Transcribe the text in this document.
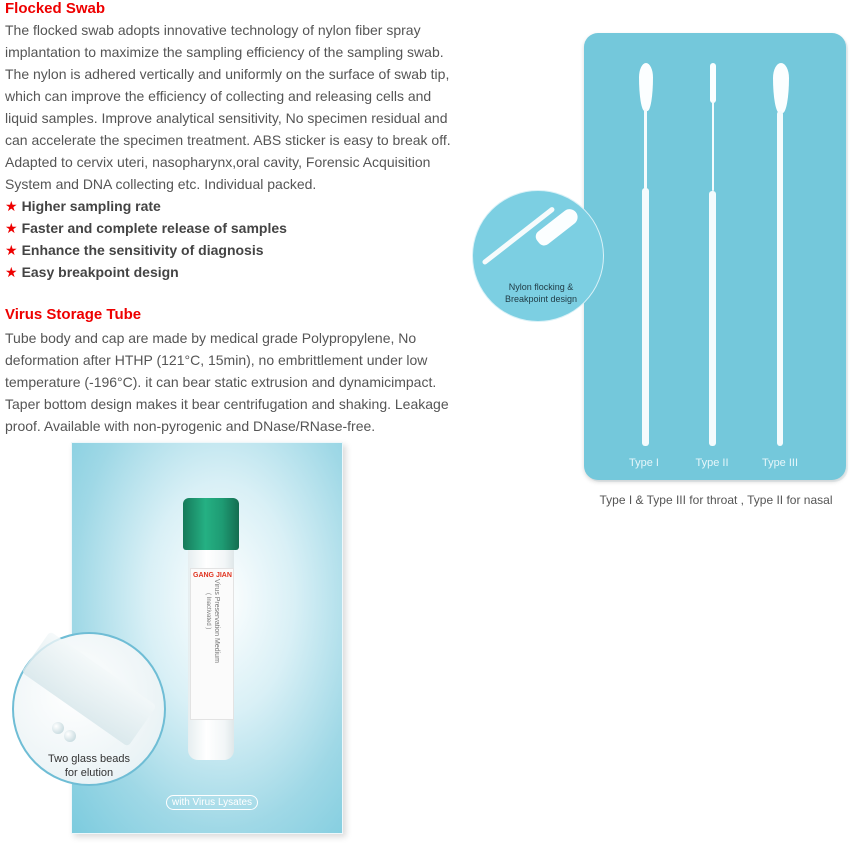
Flocked Swab

The flocked swab adopts innovative technology of nylon fiber spray implantation to maximize the sampling efficiency of the sampling swab. The nylon is adhered vertically and uniformly on the surface of swab tip, which can improve the efficiency of collecting and releasing cells and liquid samples. Improve analytical sensitivity, No specimen residual and can accelerate the specimen treatment. ABS sticker is easy to break off. Adapted to cervix uteri, nasopharynx,oral cavity, Forensic Acquisition System and DNA collecting etc. Individual packed.

★ Higher sampling rate
★ Faster and complete release of samples
★ Enhance the sensitivity of diagnosis
★ Easy breakpoint design
Virus Storage Tube

Tube body and cap are made by medical grade Polypropylene, No deformation after HTHP (121°C, 15min), no embrittlement under low temperature (-196°C). it can bear static extrusion and dynamicimpact. Taper bottom design makes it bear centrifugation and shaking. Leakage proof. Available with non-pyrogenic and DNase/RNase-free.

Type I	Type II	Type III
Nylon flocking &
Breakpoint design
Type I & Type III for throat , Type II for nasal
GANG JIAN
Virus Preservation Medium
( Inactivated )
with Virus Lysates
Two glass beads
for elution
